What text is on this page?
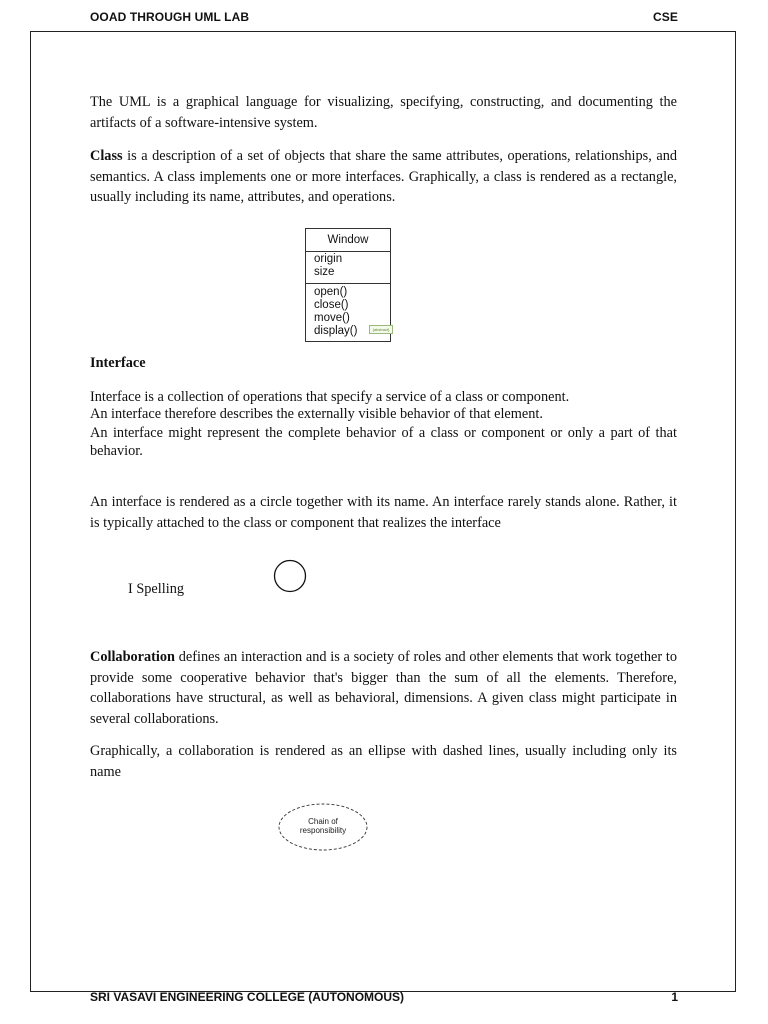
OOAD THROUGH UML LAB	CSE

The UML is a graphical language for visualizing, specifying, constructing, and documenting the artifacts of a software-intensive system.

Class is a description of a set of objects that share the same attributes, operations, relationships, and semantics. A class implements one or more interfaces. Graphically, a class is rendered as a rectangle, usually including its name, attributes, and operations.

Window
origin
size
open()
close()
move()
display()	{abstract}
Interface

Interface is a collection of operations that specify a service of a class or component.

An interface therefore describes the externally visible behavior of that element.

An interface might represent the complete behavior of a class or component or only a part of that behavior.

An interface is rendered as a circle together with its name. An interface rarely stands alone. Rather, it is typically attached to the class or component that realizes the interface

I Spelling

Collaboration defines an interaction and is a society of roles and other elements that work together to provide some cooperative behavior that's bigger than the sum of all the elements. Therefore, collaborations have structural, as well as behavioral, dimensions. A given class might participate in several collaborations.

Graphically, a collaboration is rendered as an ellipse with dashed lines, usually including only its name

Chain of
responsibility
SRI VASAVI ENGINEERING COLLEGE (AUTONOMOUS)	1
